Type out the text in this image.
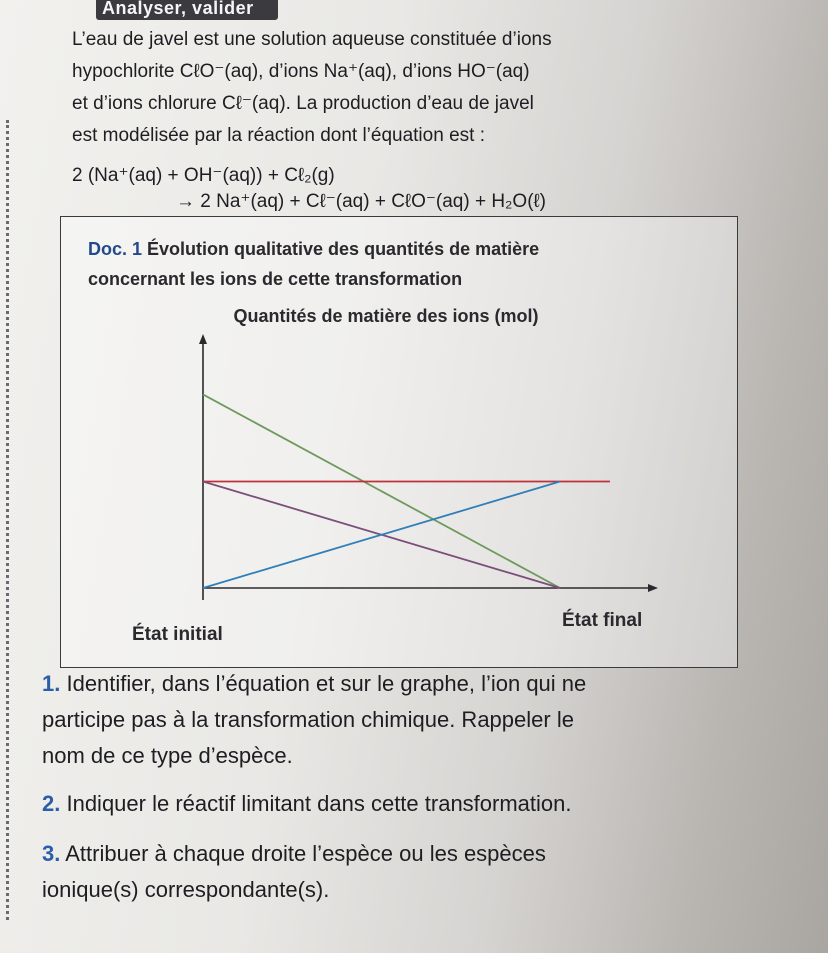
Analyser, valider
L’eau de javel est une solution aqueuse constituée d’ions
hypochlorite CℓO⁻(aq), d’ions Na⁺(aq), d’ions HO⁻(aq)
et d’ions chlorure Cℓ⁻(aq). La production d’eau de javel
est modélisée par la réaction dont l’équation est :
2 (Na⁺(aq) + OH⁻(aq)) + Cℓ₂(g)
→ 2 Na⁺(aq) + Cℓ⁻(aq) + CℓO⁻(aq) + H₂O(ℓ)
Doc. 1 Évolution qualitative des quantités de matière
concernant les ions de cette transformation
Quantités de matière des ions (mol)
État initial
État final
1. Identifier, dans l’équation et sur le graphe, l’ion qui ne
participe pas à la transformation chimique. Rappeler le
nom de ce type d’espèce.
2. Indiquer le réactif limitant dans cette transformation.
3. Attribuer à chaque droite l’espèce ou les espèces
ionique(s) correspondante(s).
